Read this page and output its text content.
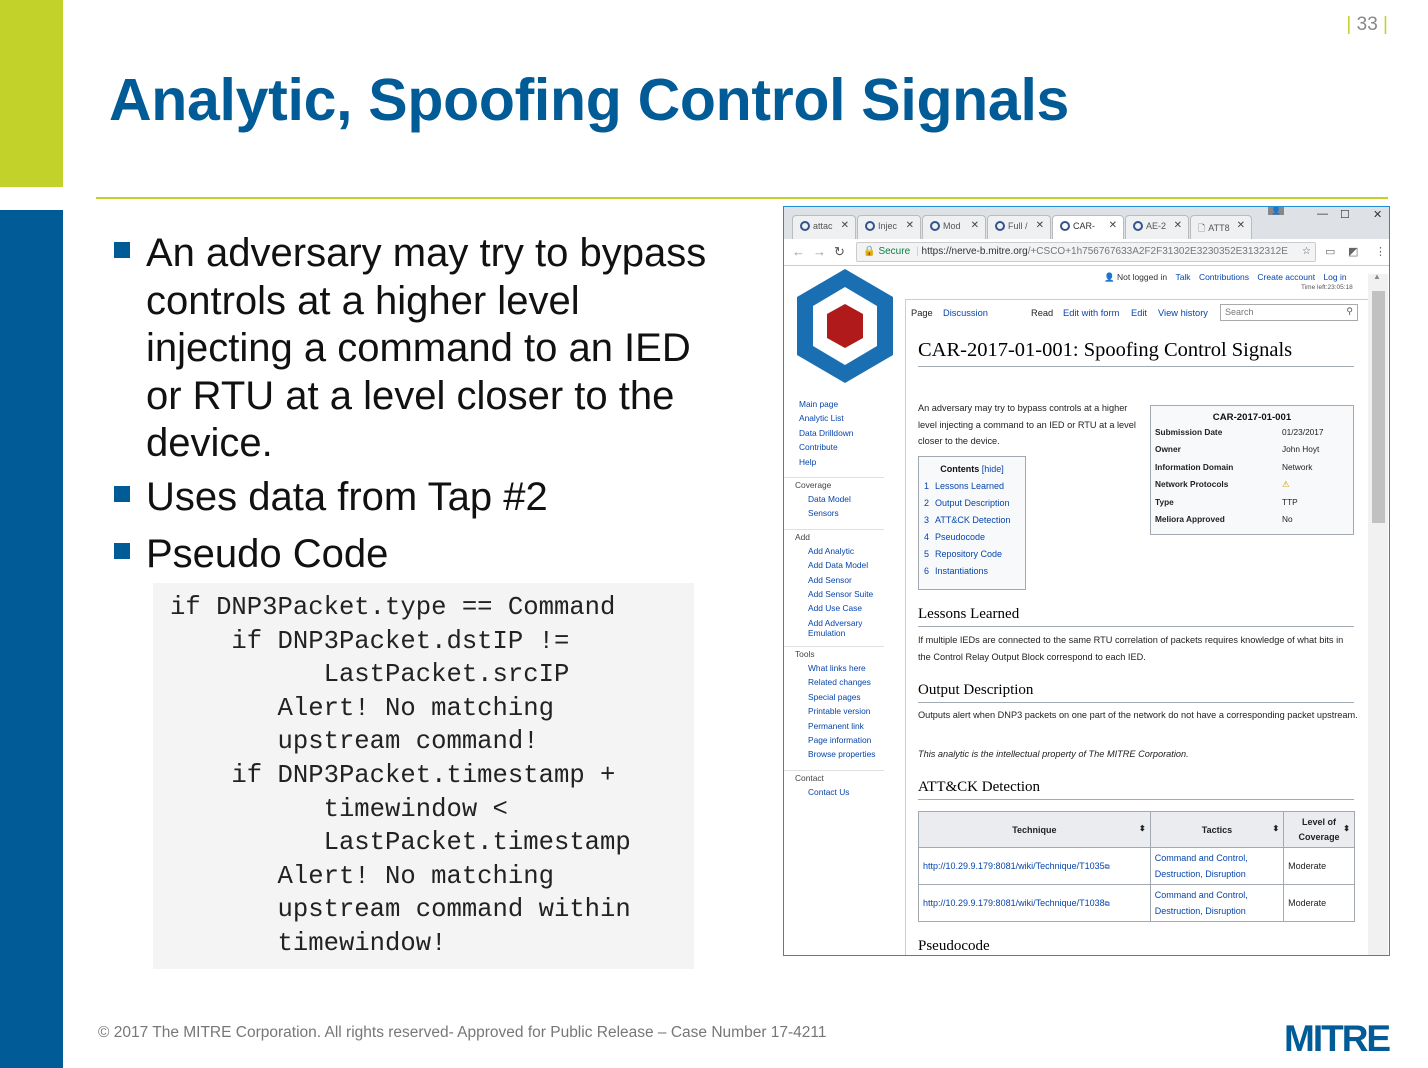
| 33 |
Analytic, Spoofing Control Signals
An adversary may try to bypass controls at a higher level injecting a command to an IED or RTU at a level closer to the device.
Uses data from Tap #2
Pseudo Code
if DNP3Packet.type == Command
if DNP3Packet.dstIP !=
LastPacket.srcIP
Alert! No matching
upstream command!
if DNP3Packet.timestamp +
timewindow <
LastPacket.timestamp
Alert! No matching
upstream command within
timewindow!
© 2017 The MITRE Corporation. All rights reserved- Approved for Public Release – Case Number 17-4211	MITRE
attac ✕	Injec ✕	Mod ✕	Full / ✕	CAR- ✕	AE-2 ✕	🗋 ATT8 ✕
👤	— ☐ ✕
← → ↻	🔒 Secure | https://nerve-b.mitre.org/+CSCO+1h756767633A2F2F31302E3230352E3132312E ☆ ▭ ◩ ⋮
▲
👤 Not logged in Talk Contributions Create account Log in
Time left:23:05:18
Main page
Analytic List
Data Drilldown
Contribute
Help
Coverage
Data Model
Sensors
Add
Add Analytic
Add Data Model
Add Sensor
Add Sensor Suite
Add Use Case
Add Adversary Emulation
Tools
What links here
Related changes
Special pages
Printable version
Permanent link
Page information
Browse properties
Contact
Contact Us
Page Discussion	Read Edit with form Edit View history	Search	⚲
CAR-2017-01-001: Spoofing Control Signals
An adversary may try to bypass controls at a higher level injecting a command to an IED or RTU at a level closer to the device.
CAR-2017-01-001
Submission Date	01/23/2017
Owner	John Hoyt
Information Domain	Network
Network Protocols	⚠
Type	TTP
Meliora Approved	No
Contents [hide]
1 Lessons Learned
2 Output Description
3 ATT&CK Detection
4 Pseudocode
5 Repository Code
6 Instantiations
Lessons Learned
If multiple IEDs are connected to the same RTU correlation of packets requires knowledge of what bits in the Control Relay Output Block correspond to each IED.
Output Description
Outputs alert when DNP3 packets on one part of the network do not have a corresponding packet upstream.
This analytic is the intellectual property of The MITRE Corporation.
ATT&CK Detection
Technique ⬍	Tactics ⬍	Level of Coverage
⬍

http://10.29.9.179:8081/wiki/Technique/T1035⧉	Command and Control, Destruction, Disruption	Moderate
http://10.29.9.179:8081/wiki/Technique/T1038⧉	Command and Control, Destruction, Disruption	Moderate
Pseudocode
